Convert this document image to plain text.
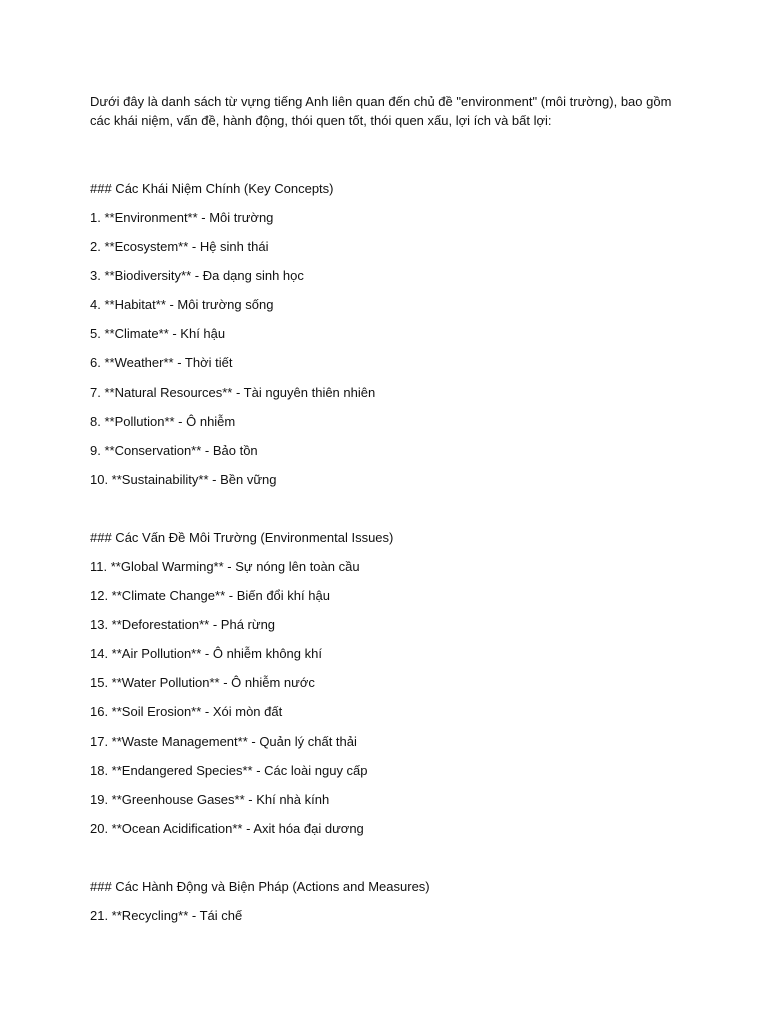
Dưới đây là danh sách từ vựng tiếng Anh liên quan đến chủ đề "environment" (môi trường), bao gồm các khái niệm, vấn đề, hành động, thói quen tốt, thói quen xấu, lợi ích và bất lợi:

### Các Khái Niệm Chính (Key Concepts)

1. **Environment** - Môi trường

2. **Ecosystem** - Hệ sinh thái

3. **Biodiversity** - Đa dạng sinh học

4. **Habitat** - Môi trường sống

5. **Climate** - Khí hậu

6. **Weather** - Thời tiết

7. **Natural Resources** - Tài nguyên thiên nhiên

8. **Pollution** - Ô nhiễm

9. **Conservation** - Bảo tồn

10. **Sustainability** - Bền vững

### Các Vấn Đề Môi Trường (Environmental Issues)

11. **Global Warming** - Sự nóng lên toàn cầu

12. **Climate Change** - Biến đổi khí hậu

13. **Deforestation** - Phá rừng

14. **Air Pollution** - Ô nhiễm không khí

15. **Water Pollution** - Ô nhiễm nước

16. **Soil Erosion** - Xói mòn đất

17. **Waste Management** - Quản lý chất thải

18. **Endangered Species** - Các loài nguy cấp

19. **Greenhouse Gases** - Khí nhà kính

20. **Ocean Acidification** - Axit hóa đại dương

### Các Hành Động và Biện Pháp (Actions and Measures)

21. **Recycling** - Tái chế
